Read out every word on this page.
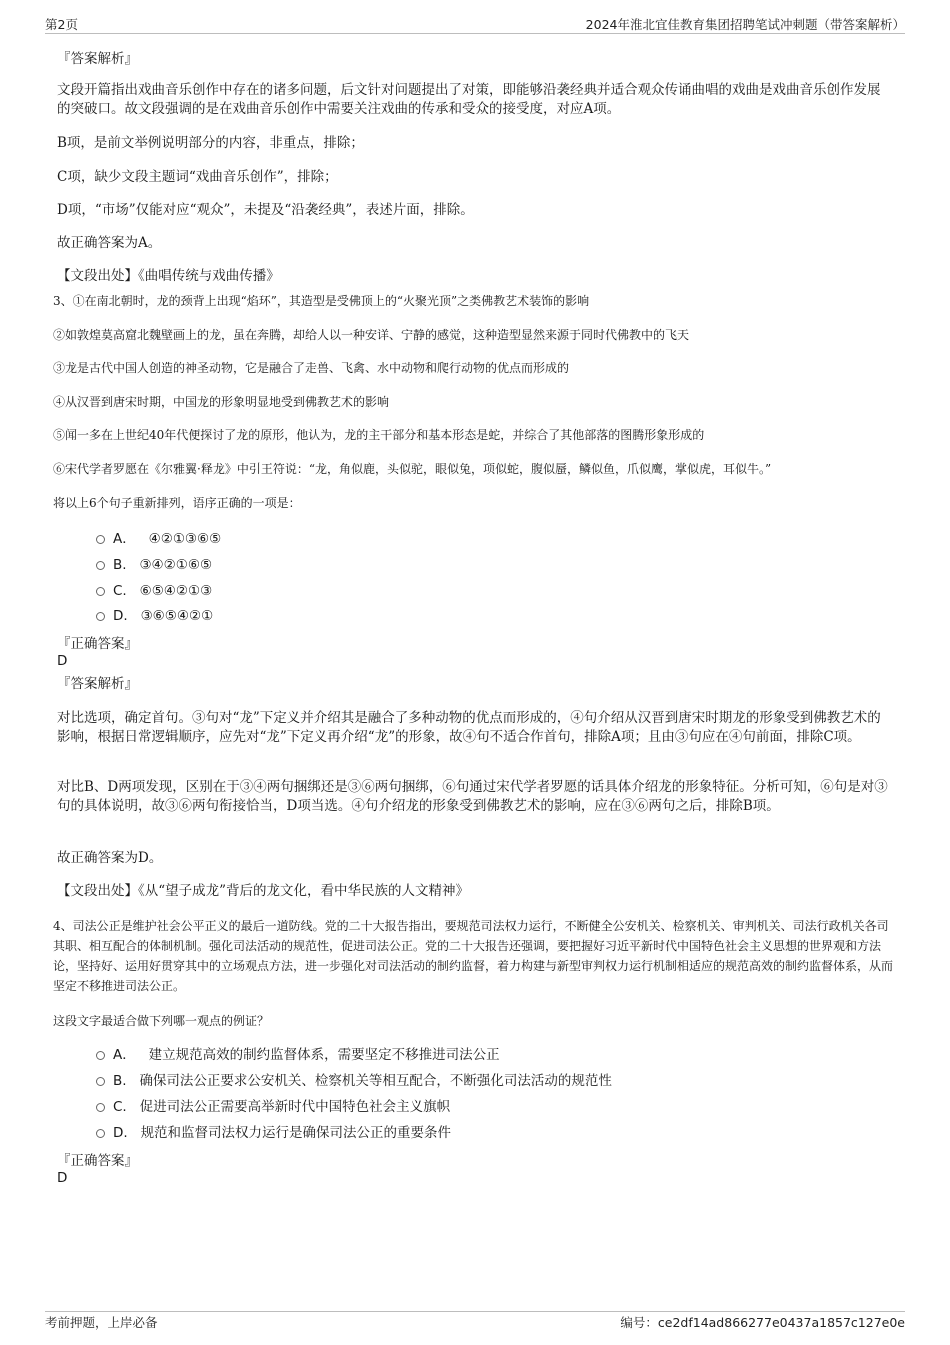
第2页	2024年淮北宜佳教育集团招聘笔试冲刺题（带答案解析）
『答案解析』
文段开篇指出戏曲音乐创作中存在的诸多问题，后文针对问题提出了对策，即能够沿袭经典并适合观众传诵曲唱的戏曲是戏曲音乐创作发展的突破口。故文段强调的是在戏曲音乐创作中需要关注戏曲的传承和受众的接受度，对应A项。
B项，是前文举例说明部分的内容，非重点，排除；
C项，缺少文段主题词“戏曲音乐创作”，排除；
D项，“市场”仅能对应“观众”，未提及“沿袭经典”，表述片面，排除。
故正确答案为A。
【文段出处】《曲唱传统与戏曲传播》
3、①在南北朝时，龙的颈背上出现“焰环”，其造型是受佛顶上的“火聚光顶”之类佛教艺术装饰的影响
②如敦煌莫高窟北魏壁画上的龙，虽在奔腾，却给人以一种安详、宁静的感觉，这种造型显然来源于同时代佛教中的飞天
③龙是古代中国人创造的神圣动物，它是融合了走兽、飞禽、水中动物和爬行动物的优点而形成的
④从汉晋到唐宋时期，中国龙的形象明显地受到佛教艺术的影响
⑤闻一多在上世纪40年代便探讨了龙的原形，他认为，龙的主干部分和基本形态是蛇，并综合了其他部落的图腾形象形成的
⑥宋代学者罗愿在《尔雅翼·释龙》中引王符说：“龙，角似鹿，头似驼，眼似兔，项似蛇，腹似蜃，鳞似鱼，爪似鹰，掌似虎，耳似牛。”
将以上6个句子重新排列，语序正确的一项是：
A． ④②①③⑥⑤
B. ③④②①⑥⑤
C. ⑥⑤④②①③
D. ③⑥⑤④②①
『正确答案』
D
『答案解析』
对比选项，确定首句。③句对“龙”下定义并介绍其是融合了多种动物的优点而形成的，④句介绍从汉晋到唐宋时期龙的形象受到佛教艺术的影响，根据日常逻辑顺序，应先对“龙”下定义再介绍“龙”的形象，故④句不适合作首句，排除A项；且由③句应在④句前面，排除C项。
对比B、D两项发现，区别在于③④两句捆绑还是③⑥两句捆绑，⑥句通过宋代学者罗愿的话具体介绍龙的形象特征。分析可知，⑥句是对③句的具体说明，故③⑥两句衔接恰当，D项当选。④句介绍龙的形象受到佛教艺术的影响，应在③⑥两句之后，排除B项。
故正确答案为D。
【文段出处】《从“望子成龙”背后的龙文化，看中华民族的人文精神》
4、司法公正是维护社会公平正义的最后一道防线。党的二十大报告指出，要规范司法权力运行，不断健全公安机关、检察机关、审判机关、司法行政机关各司其职、相互配合的体制机制。强化司法活动的规范性，促进司法公正。党的二十大报告还强调，要把握好习近平新时代中国特色社会主义思想的世界观和方法论，坚持好、运用好贯穿其中的立场观点方法，进一步强化对司法活动的制约监督，着力构建与新型审判权力运行机制相适应的规范高效的制约监督体系，从而坚定不移推进司法公正。
这段文字最适合做下列哪一观点的例证？
A． 建立规范高效的制约监督体系，需要坚定不移推进司法公正
B. 确保司法公正要求公安机关、检察机关等相互配合，不断强化司法活动的规范性
C. 促进司法公正需要高举新时代中国特色社会主义旗帜
D. 规范和监督司法权力运行是确保司法公正的重要条件
『正确答案』
D
考前押题，上岸必备	编号：ce2df14ad866277e0437a1857c127e0e
